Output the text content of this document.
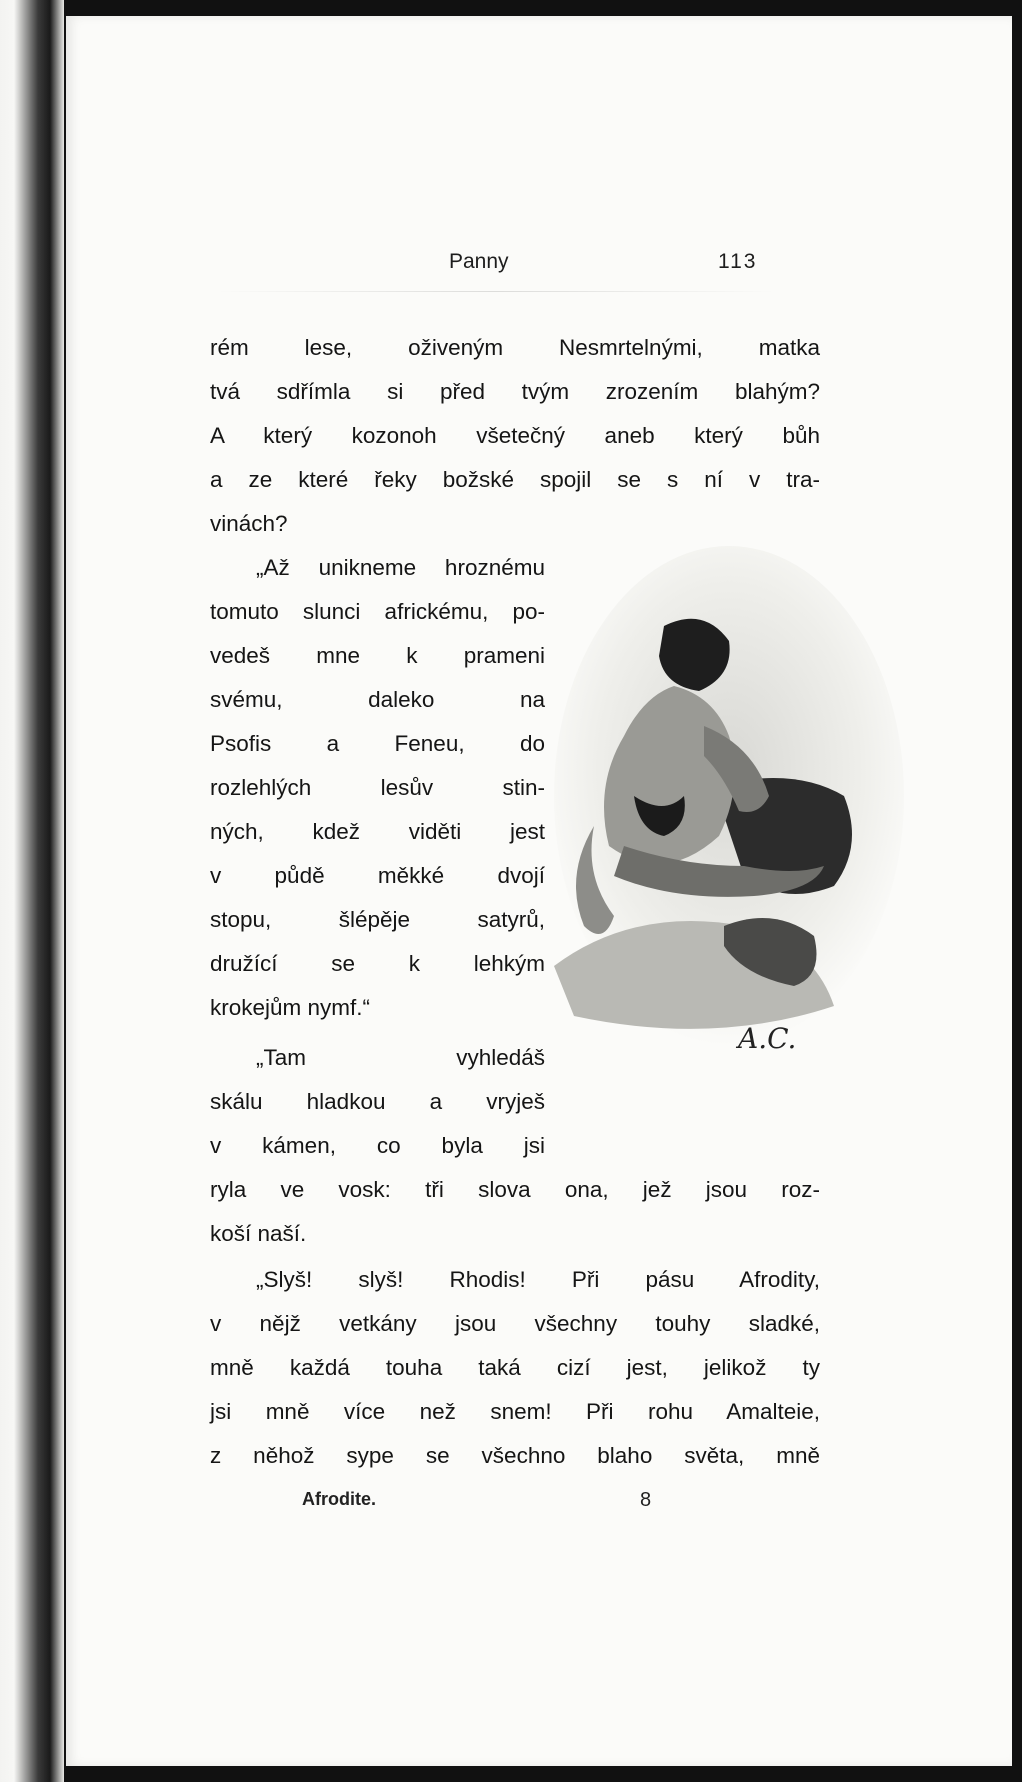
Panny	113
rém lese, oživeným Nesmrtelnými, matka
tvá sdřímla si před tvým zrozením blahým?
A který kozonoh všetečný aneb který bůh
a ze které řeky božské spojil se s ní v tra-
vinách?
„Až unikneme hroznému
tomuto slunci africkému, po-
vedeš mne k prameni
svému, daleko na
Psofis a Feneu, do
rozlehlých lesův stin-
ných, kdež viděti jest
v půdě měkké dvojí
stopu, šlépěje satyrů,
družící se k lehkým
krokejům nymf.“
„Tam vyhledáš
skálu hladkou a vryješ
v kámen, co byla jsi
ryla ve vosk: tři slova ona, jež jsou roz-
koší naší.
„Slyš! slyš! Rhodis! Při pásu Afrodity,
v nějž vetkány jsou všechny touhy sladké,
mně každá touha taká cizí jest, jelikož ty
jsi mně více než snem! Při rohu Amalteie,
z něhož sype se všechno blaho světa, mně
A.C.
Afrodite.	8
